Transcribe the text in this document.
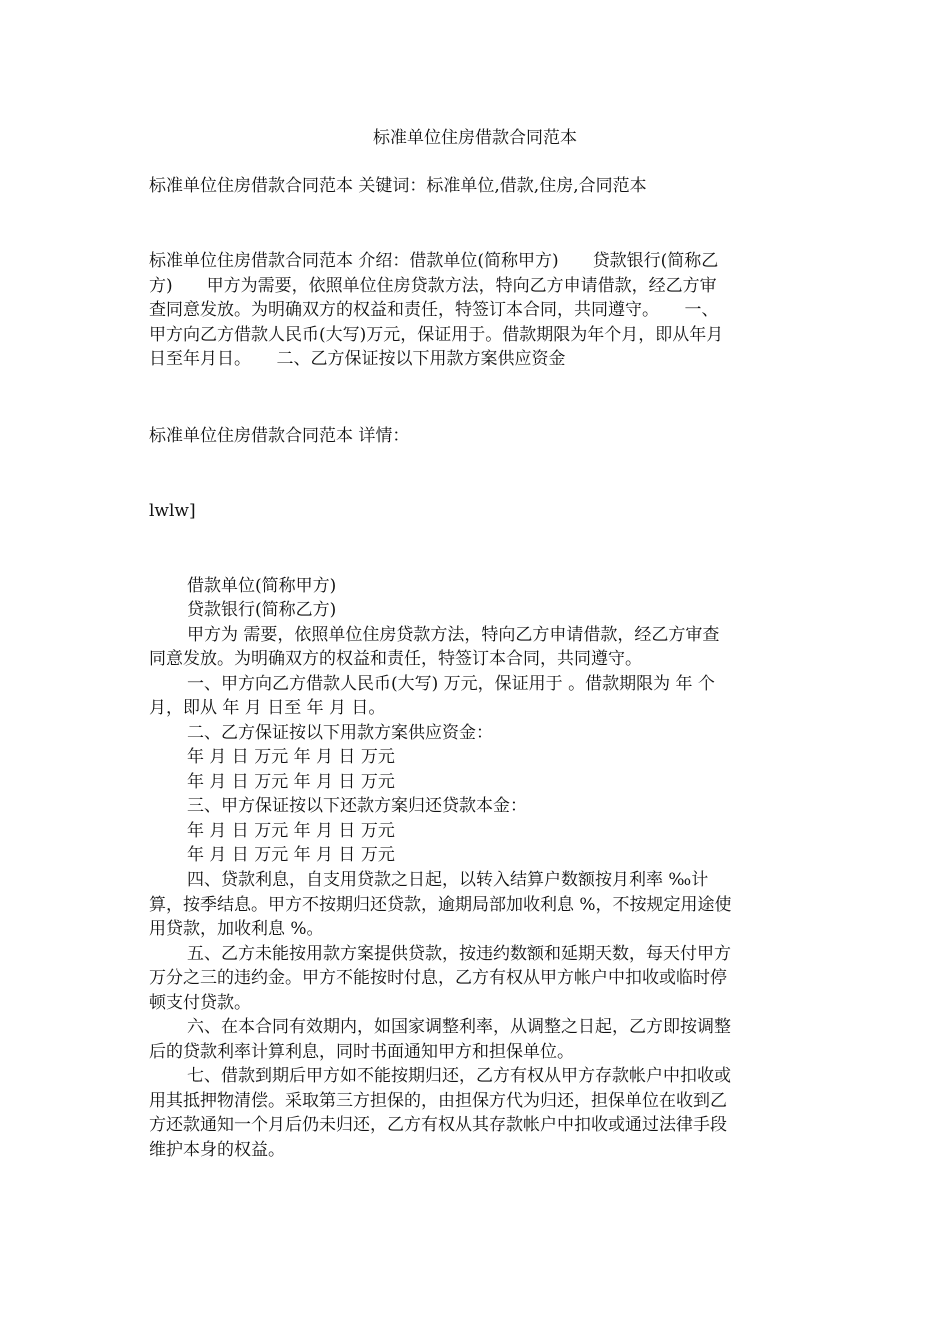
标准单位住房借款合同范本
标准单位住房借款合同范本 关键词：标准单位,借款,住房,合同范本
标准单位住房借款合同范本 介绍：借款单位(简称甲方)　　贷款银行(简称乙
方)　　甲方为需要，依照单位住房贷款方法，特向乙方申请借款，经乙方审
查同意发放。为明确双方的权益和责任，特签订本合同，共同遵守。　　一、
甲方向乙方借款人民币(大写)万元，保证用于。借款期限为年个月，即从年月
日至年月日。　　二、乙方保证按以下用款方案供应资金
标准单位住房借款合同范本 详情：
lwlw]
借款单位(简称甲方)
贷款银行(简称乙方)
甲方为 需要，依照单位住房贷款方法，特向乙方申请借款，经乙方审查
同意发放。为明确双方的权益和责任，特签订本合同，共同遵守。
一、甲方向乙方借款人民币(大写) 万元，保证用于 。借款期限为 年 个
月，即从 年 月 日至 年 月 日。
二、乙方保证按以下用款方案供应资金：
年 月 日 万元 年 月 日 万元
年 月 日 万元 年 月 日 万元
三、甲方保证按以下还款方案归还贷款本金：
年 月 日 万元 年 月 日 万元
年 月 日 万元 年 月 日 万元
四、贷款利息，自支用贷款之日起，以转入结算户数额按月利率 ‰计
算，按季结息。甲方不按期归还贷款，逾期局部加收利息 %，不按规定用途使
用贷款，加收利息 %。
五、乙方未能按用款方案提供贷款，按违约数额和延期天数，每天付甲方
万分之三的违约金。甲方不能按时付息，乙方有权从甲方帐户中扣收或临时停
顿支付贷款。
六、在本合同有效期内，如国家调整利率，从调整之日起，乙方即按调整
后的贷款利率计算利息，同时书面通知甲方和担保单位。
七、借款到期后甲方如不能按期归还，乙方有权从甲方存款帐户中扣收或
用其抵押物清偿。采取第三方担保的，由担保方代为归还，担保单位在收到乙
方还款通知一个月后仍未归还，乙方有权从其存款帐户中扣收或通过法律手段
维护本身的权益。
